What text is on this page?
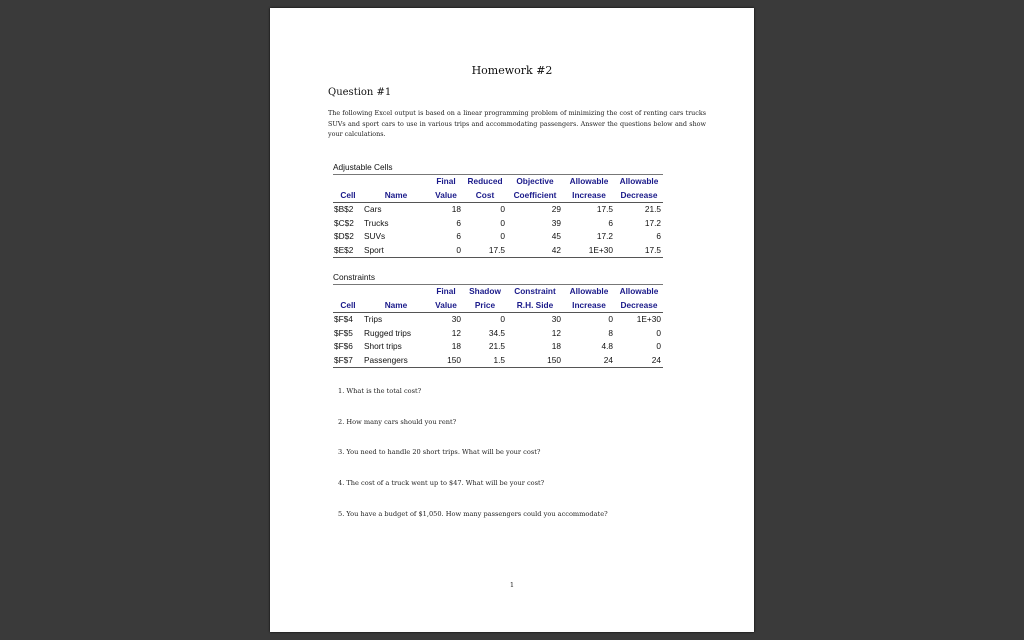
Homework #2
Question #1
The following Excel output is based on a linear programming problem of minimizing the cost of renting cars trucks SUVs and sport cars to use in various trips and accommodating passengers. Answer the questions below and show your calculations.
Adjustable Cells
		Final	Reduced	Objective	Allowable	Allowable
Cell	Name	Value	Cost	Coefficient	Increase	Decrease
$B$2	Cars	18	0	29	17.5	21.5
$C$2	Trucks	6	0	39	6	17.2
$D$2	SUVs	6	0	45	17.2	6
$E$2	Sport	0	17.5	42	1E+30	17.5
Constraints
		Final	Shadow	Constraint	Allowable	Allowable
Cell	Name	Value	Price	R.H. Side	Increase	Decrease
$F$4	Trips	30	0	30	0	1E+30
$F$5	Rugged trips	12	34.5	12	8	0
$F$6	Short trips	18	21.5	18	4.8	0
$F$7	Passengers	150	1.5	150	24	24
1. What is the total cost?
2. How many cars should you rent?
3. You need to handle 20 short trips. What will be your cost?
4. The cost of a truck went up to $47. What will be your cost?
5. You have a budget of $1,050. How many passengers could you accommodate?
1
